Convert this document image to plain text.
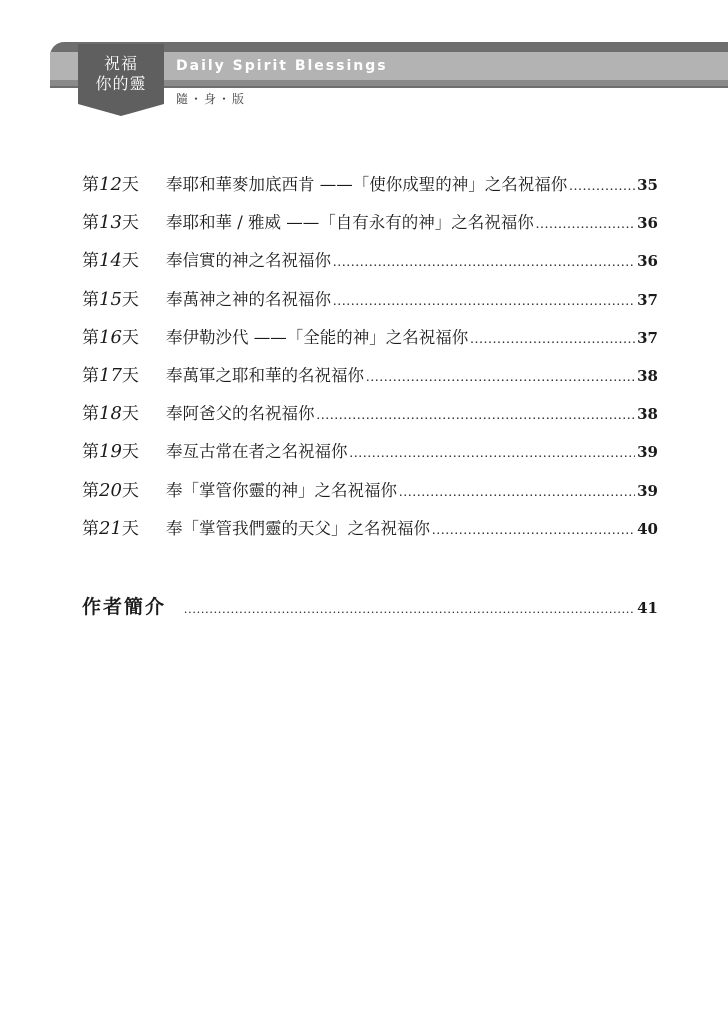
祝福
你的靈
Daily Spirit Blessings
隨・身・版
第12天	奉耶和華麥加底西肯 ——「使你成聖的神」之名祝福你 .....	35
第13天	奉耶和華 / 雅威 ——「自有永有的神」之名祝福你 .....	36
第14天	奉信實的神之名祝福你 .....	36
第15天	奉萬神之神的名祝福你 .....	37
第16天	奉伊勒沙代 ——「全能的神」之名祝福你 .....	37
第17天	奉萬軍之耶和華的名祝福你 .....	38
第18天	奉阿爸父的名祝福你 .....	38
第19天	奉亙古常在者之名祝福你 .....	39
第20天	奉「掌管你靈的神」之名祝福你 .....	39
第21天	奉「掌管我們靈的天父」之名祝福你 .....	40
作者簡介 .....	41
